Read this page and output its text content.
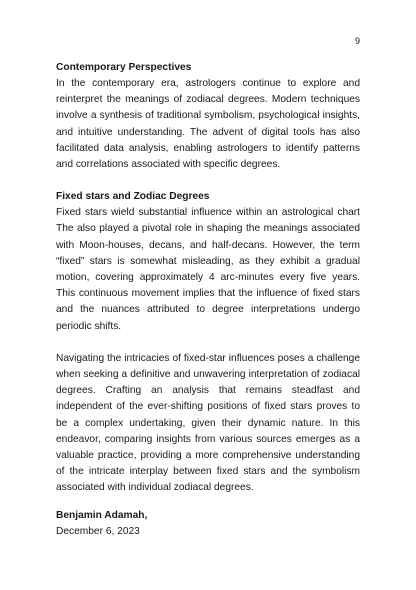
9

Contemporary Perspectives

In the contemporary era, astrologers continue to explore and reinterpret the meanings of zodiacal degrees. Modern techniques involve a synthesis of traditional symbolism, psychological insights, and intuitive understanding. The advent of digital tools has also facilitated data analysis, enabling astrologers to identify patterns and correlations associated with specific degrees.

Fixed stars and Zodiac Degrees

Fixed stars wield substantial influence within an astrological chart The also played a pivotal role in shaping the meanings associated with Moon-houses, decans, and half-decans. However, the term “fixed” stars is somewhat misleading, as they exhibit a gradual motion, covering approximately 4 arc-minutes every five years. This continuous movement implies that the influence of fixed stars and the nuances attributed to degree interpretations undergo periodic shifts.

Navigating the intricacies of fixed-star influences poses a challenge when seeking a definitive and unwavering interpretation of zodiacal degrees. Crafting an analysis that remains steadfast and independent of the ever-shifting positions of fixed stars proves to be a complex undertaking, given their dynamic nature. In this endeavor, comparing insights from various sources emerges as a valuable practice, providing a more comprehensive understanding of the intricate interplay between fixed stars and the symbolism associated with individual zodiacal degrees.

Benjamin Adamah,

December 6, 2023
